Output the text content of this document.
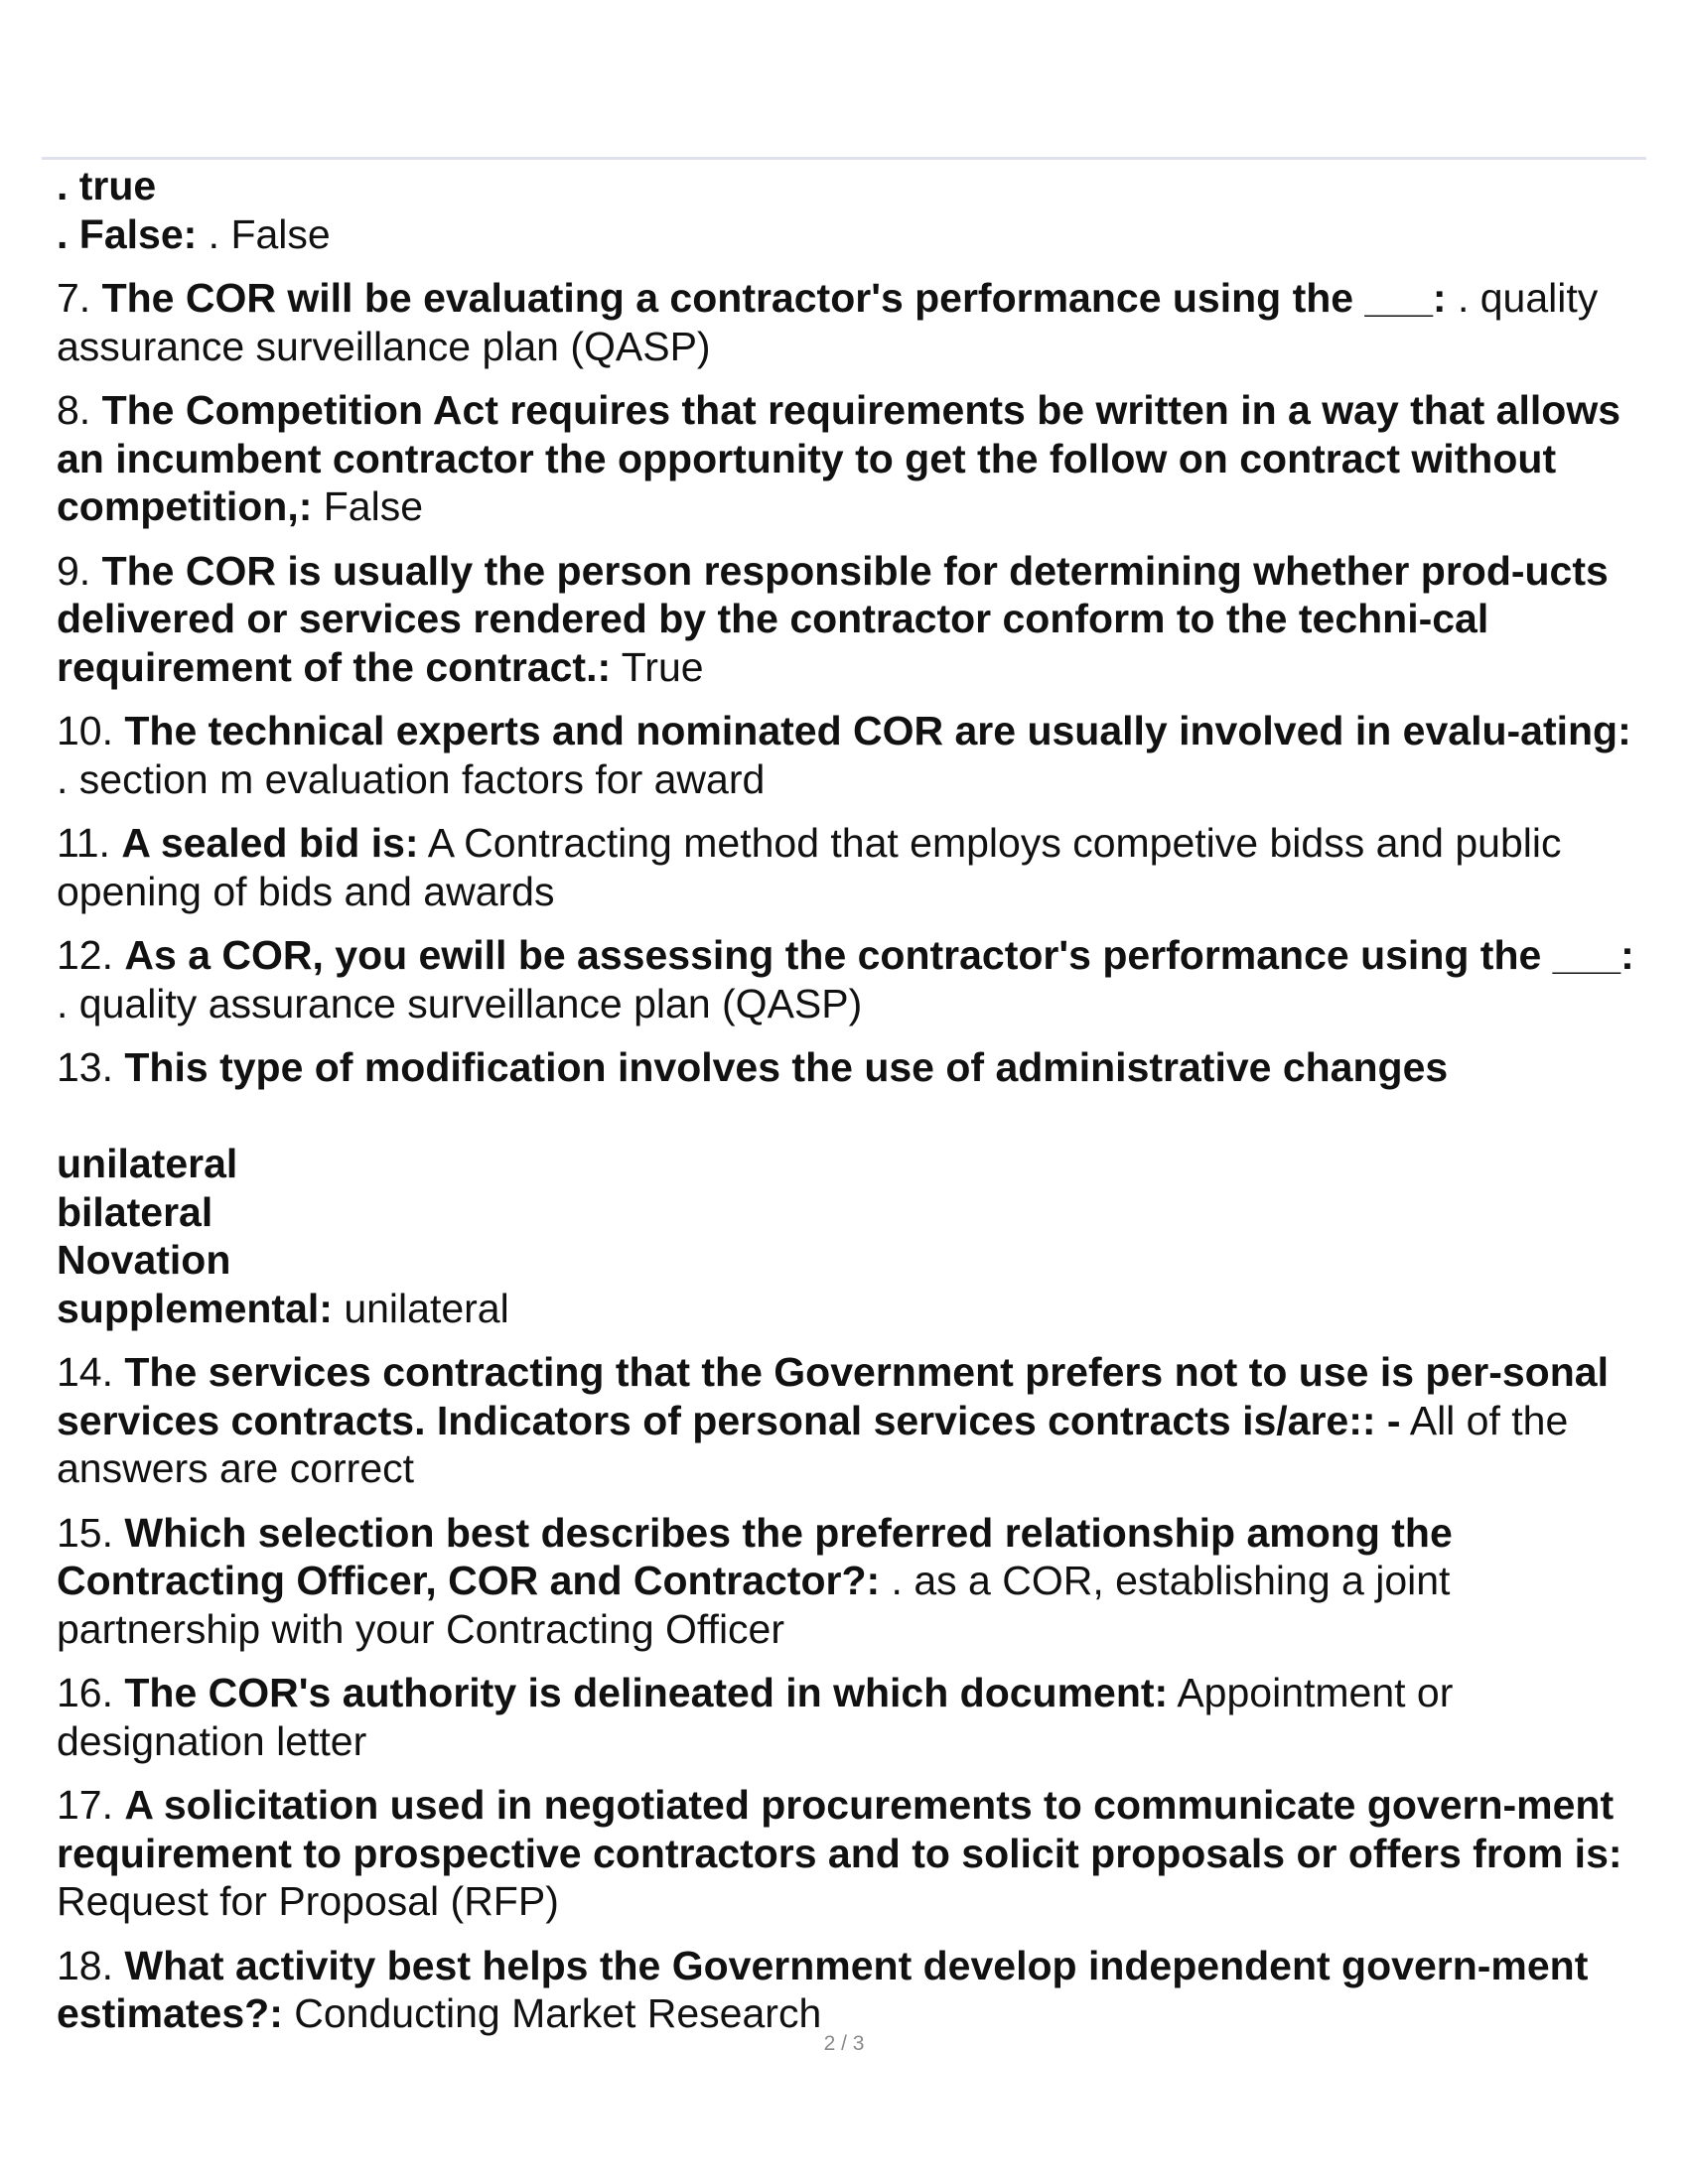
. true
. False: . False
7. The COR will be evaluating a contractor's performance using the ___: . quality assurance surveillance plan (QASP)
8. The Competition Act requires that requirements be written in a way that allows an incumbent contractor the opportunity to get the follow on contract without competition,: False
9. The COR is usually the person responsible for determining whether prod-ucts delivered or services rendered by the contractor conform to the techni-cal requirement of the contract.: True
10. The technical experts and nominated COR are usually involved in evalu-ating: . section m evaluation factors for award
11. A sealed bid is: A Contracting method that employs competive bidss and public opening of bids and awards
12. As a COR, you ewill be assessing the contractor's performance using the ___: . quality assurance surveillance plan (QASP)
13. This type of modification involves the use of administrative changes
unilateral
bilateral
Novation
supplemental: unilateral
14. The services contracting that the Government prefers not to use is per-sonal services contracts. Indicators of personal services contracts is/are:: - All of the answers are correct
15. Which selection best describes the preferred relationship among the Contracting Officer, COR and Contractor?: . as a COR, establishing a joint partnership with your Contracting Officer
16. The COR's authority is delineated in which document: Appointment or designation letter
17. A solicitation used in negotiated procurements to communicate govern-ment requirement to prospective contractors and to solicit proposals or offers from is: Request for Proposal (RFP)
18. What activity best helps the Government develop independent govern-ment estimates?: Conducting Market Research
2 / 3
